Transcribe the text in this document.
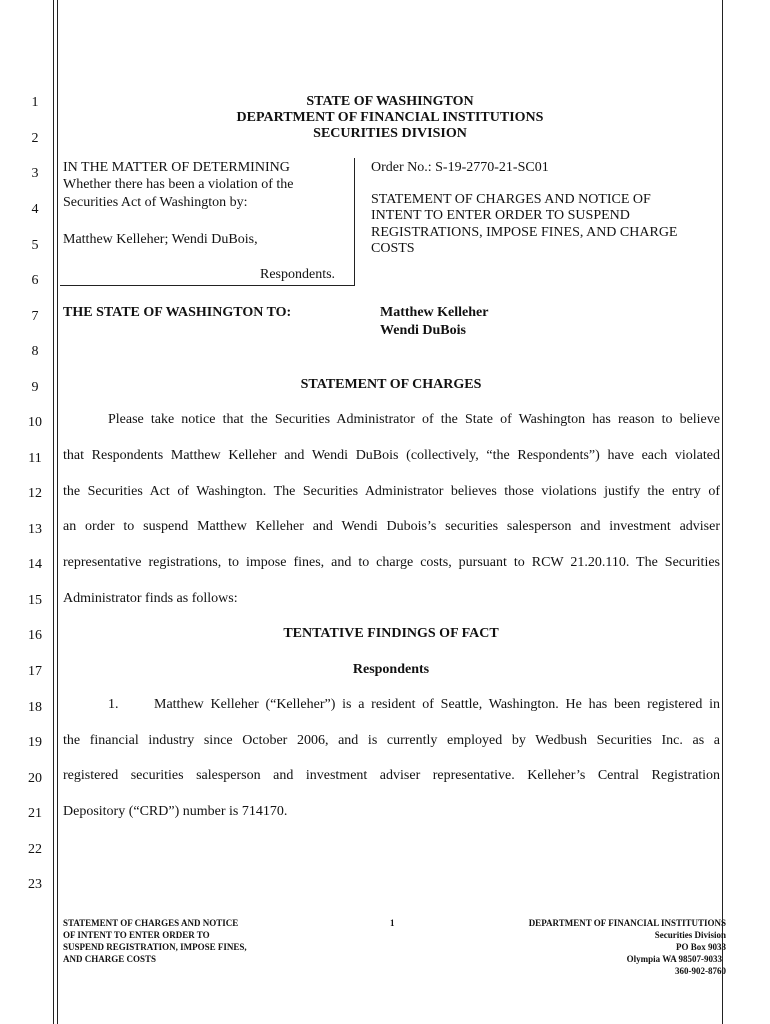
1
2
3
4
5
6
7
8
9
10
11
12
13
14
15
16
17
18
19
20
21
22
23
STATE OF WASHINGTON
DEPARTMENT OF FINANCIAL INSTITUTIONS
SECURITIES DIVISION
IN THE MATTER OF DETERMINING
Whether there has been a violation of the
Securities Act of Washington by:
Matthew Kelleher; Wendi DuBois,
Respondents.
Order No.: S-19-2770-21-SC01
STATEMENT OF CHARGES AND NOTICE OF
INTENT TO ENTER ORDER TO SUSPEND
REGISTRATIONS, IMPOSE FINES, AND CHARGE
COSTS
THE STATE OF WASHINGTON TO:	Matthew Kelleher
Wendi DuBois
STATEMENT OF CHARGES
Please take notice that the Securities Administrator of the State of Washington has reason to believe
that Respondents Matthew Kelleher and Wendi DuBois (collectively, “the Respondents”) have each violated
the Securities Act of Washington. The Securities Administrator believes those violations justify the entry of
an order to suspend Matthew Kelleher and Wendi Dubois’s securities salesperson and investment adviser
representative registrations, to impose fines, and to charge costs, pursuant to RCW 21.20.110. The Securities
Administrator finds as follows:
TENTATIVE FINDINGS OF FACT
Respondents
1.	Matthew Kelleher (“Kelleher”) is a resident of Seattle, Washington. He has been registered in
the financial industry since October 2006, and is currently employed by Wedbush Securities Inc. as a
registered securities salesperson and investment adviser representative. Kelleher’s Central Registration
Depository (“CRD”) number is 714170.
STATEMENT OF CHARGES AND NOTICE
OF INTENT TO ENTER ORDER TO
SUSPEND REGISTRATION, IMPOSE FINES,
AND CHARGE COSTS
1	DEPARTMENT OF FINANCIAL INSTITUTIONS
Securities Division
PO Box 9033
Olympia WA 98507-9033
360-902-8760
